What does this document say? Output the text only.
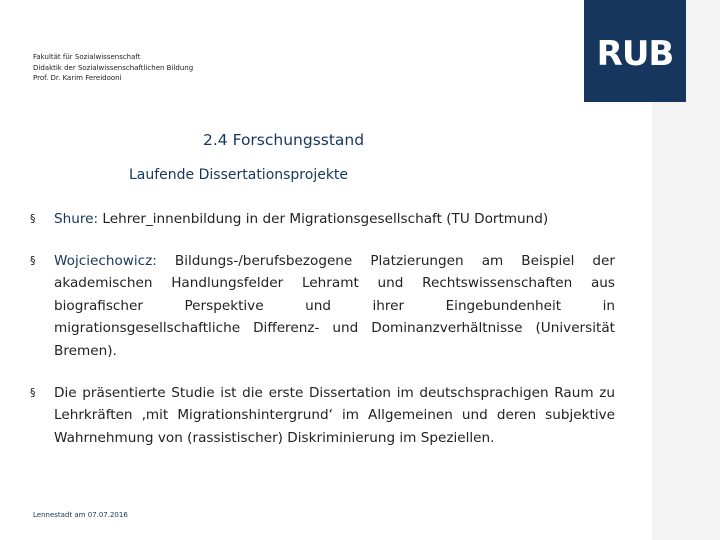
Fakultät für Sozialwissenschaft
Didaktik der Sozialwissenschaftlichen Bildung
Prof. Dr. Karim Fereidooni
RUB
2.4 Forschungsstand
Laufende Dissertationsprojekte
§	Shure: Lehrer_innenbildung in der Migrationsgesellschaft (TU Dortmund)
§	Wojciechowicz: Bildungs-/berufsbezogene Platzierungen am Beispiel der akademischen Handlungsfelder Lehramt und Rechtswissenschaften aus biografischer Perspektive und ihrer Eingebundenheit in migrationsgesellschaftliche Differenz- und Dominanzverhältnisse (Universität Bremen).
§	Die präsentierte Studie ist die erste Dissertation im deutschsprachigen Raum zu Lehrkräften ‚mit Migrationshintergrund‘ im Allgemeinen und deren subjektive Wahrnehmung von (rassistischer) Diskriminierung im Speziellen.
Lennestadt am 07.07.2016
